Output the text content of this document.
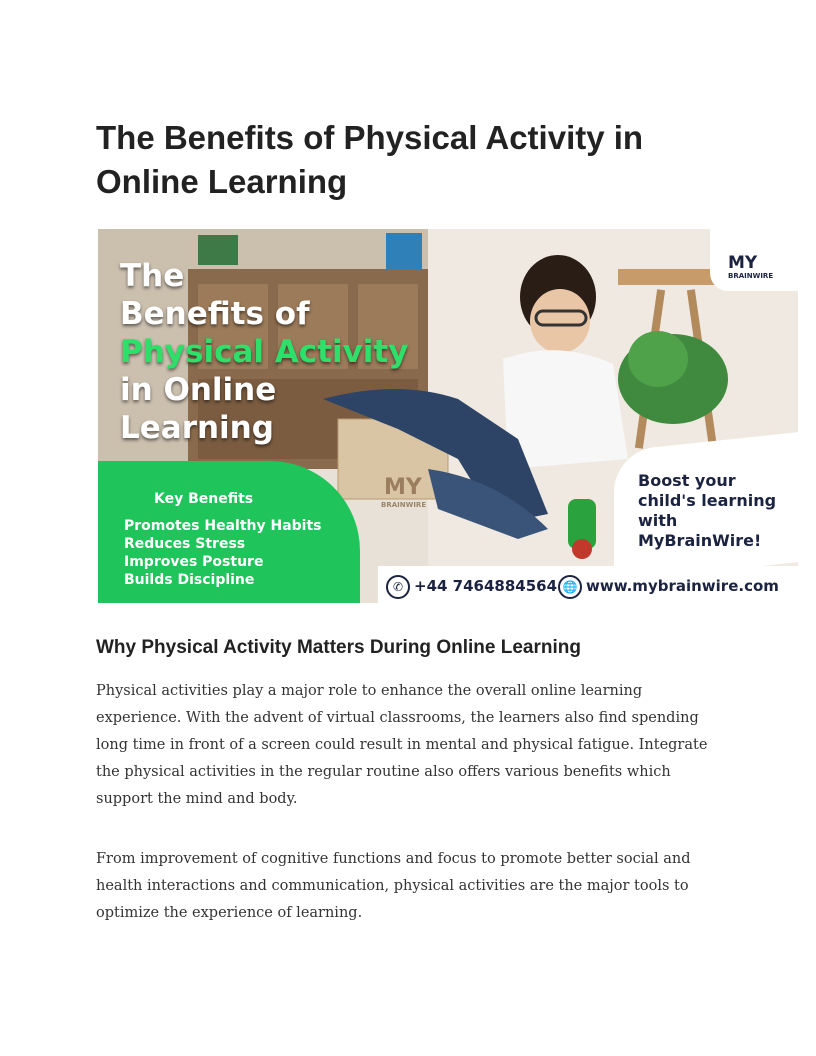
The Benefits of Physical Activity in Online Learning
MY
BRAINWIRE
The
Benefits of
Physical Activity
in Online
Learning
MY
BRAINWIRE
Key Benefits
Promotes Healthy Habits
Reduces Stress
Improves Posture
Builds Discipline
Boost your child's learning with MyBrainWire!
✆ +44 7464884564 🌐 www.mybrainwire.com
Why Physical Activity Matters During Online Learning

Physical activities play a major role to enhance the overall online learning experience. With the advent of virtual classrooms, the learners also find spending long time in front of a screen could result in mental and physical fatigue. Integrate the physical activities in the regular routine also offers various benefits which support the mind and body.

From improvement of cognitive functions and focus to promote better social and health interactions and communication, physical activities are the major tools to optimize the experience of learning.
